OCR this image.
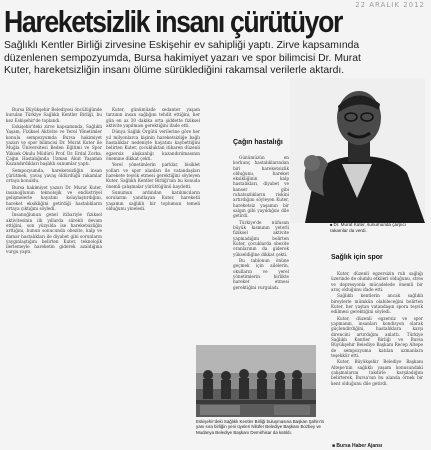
22 ARALIK 2012
Hareketsizlik insanı çürütüyor

Sağlıklı Kentler Birliği zirvesine Eskişehir ev sahipliği yaptı. Zirve kapsamında

düzenlenen sempozyumda, Bursa hakimiyet yazarı ve spor bilimcisi Dr. Murat

Kuter, hareketsizliğin insanı ölüme sürüklediğini rakamsal verilerle aktardı.

Bursa Büyükşehir Belediyesi öncülüğünde kurulan Türkiye Sağlıklı Kentler Birliği, bu kez Eskişehir'de toplandı.

Eskişehir'deki zirve kapsamında, Sağlıklı Yaşam, Fiziksel Aktivite ve Yerel Yönetimler konulu sempozyumda Bursa hakimiyet yazarı ve spor bilimcisi Dr. Murat Kuter ile Muğla Üniversitesi Beden Eğitimi ve Spor Yüksek Okulu Müdürü Prof. Dr. Erdal Zorba, Çağın Hastalığında Uzman Akut Yaşamın Kazandırdıkları başlıklı sunumlar yaptı.

Sempozyumda, hareketsizliğin insan çürütmek, yavaş yavaş öldürdüğü rakamlar ortaya konuldu.

Bursa hakimiyet yazarı Dr. Murat Kuter, insanoğlunun teknolojik ve endüstriyel gelişmelerle hayatını kolaylaştırdığını, hareket eksikliğini getirdiği hastalıkların ortaya çıktığını söyledi.

İnsanoğlunun genel itibariyle fiziksel aktivitesinin ilk yıllarda sürekli devam ettiğini, son yüzyılda ise hareketsizliğin arttığını, bunun sonucunda obezite, kalp ve damar hastalıkları ile diyabet gibi sorunların yaygınlaştığını belirten Kuter, teknolojik ilerlemeyle hareketin giderek azaldığına vurgu yaptı.

Kuter, günümüzde sedanter yaşam tarzının insan sağlığını tehdit ettiğini, her gün en az 30 dakika orta şiddette fiziksel aktivite yapılması gerektiğini ifade etti.

Dünya Sağlık Örgütü verilerine göre her yıl milyonlarca kişinin hareketsizliğe bağlı hastalıklar nedeniyle hayatını kaybettiğini belirten Kuter, çocukluktan itibaren düzenli egzersiz alışkanlığı kazandırılmasının önemine dikkat çekti.

Yerel yönetimlerin parklar, bisiklet yolları ve spor alanları ile vatandaşları harekete teşvik etmesi gerektiğini söyleyen Kuter, Sağlıklı Kentler Birliği'nin bu konuda önemli çalışmalar yürüttüğünü kaydetti.

Sunumun ardından katılımcıların sorularını yanıtlayan Kuter, hareketli yaşamın sağlıklı bir toplumun temeli olduğunu yineledi.

Çağın hastalığı

Günümüzün en korkunç hastalıklarından biri hareketsizlik olduğunu, hareket eksikliğinin kalp hastalıkları, diyabet ve kanser gibi rahatsızlıkların riskini artırdığını söyleyen Kuter, hareketsiz yaşamın bir salgın gibi yayıldığını dile getirdi.

Türkiye'de nüfusun büyük kısmının yeterli fiziksel aktivite yapmadığını belirten Kuter, çocuklarda obezite oranlarının da giderek yükseldiğine dikkat çekti.

Bu tablonun önüne geçmek için ailelerin, okulların ve yerel yönetimlerin birlikte hareket etmesi gerektiğini vurguladı.

■ Dr. Murat Kuter, sunumunda çarpıcı rakamlar da verdi.
Sağlık için spor

Kuter, düzenli egzersizin ruh sağlığı üzerinde de olumlu etkileri olduğunu, stres ve depresyonla mücadelede önemli bir araç olduğunu ifade etti.

Sağlıklı kentlerin ancak sağlıklı bireylerle mümkün olabileceğini belirten Kuter, her yaştan vatandaşın spora teşvik edilmesi gerektiğini söyledi.

Kuter, düzenli egzersiz ve spor yapmanın, insanları kondisyon olarak güçlendirdiğini, hastalıklara karşı direncini artırdığını anlattı. Türkiye Sağlıklı Kentler Birliği ve Bursa Büyükşehir Belediye Başkanı Recep Altepe de sempozyuma katılan uzmanlara teşekkür etti.

Kuter, Büyükşehir Belediye Başkanı Altepe'nin sağlıklı yaşam konusundaki çalışmalarını takdirle karşıladığını belirterek, Bursa'nın bu alanda örnek bir kent olduğunu dile getirdi.

Eskişehir'deki Sağlıklı Kentler Birliği buluşmasına Başkan Şahin'in yanı sıra birliğin yeni üyeleri Nilüfer Belediye Başkanı Bozbey ve Mudanya Belediye Başkanı Demirhisar da katıldı.
■ Bursa Haber Ajansı
